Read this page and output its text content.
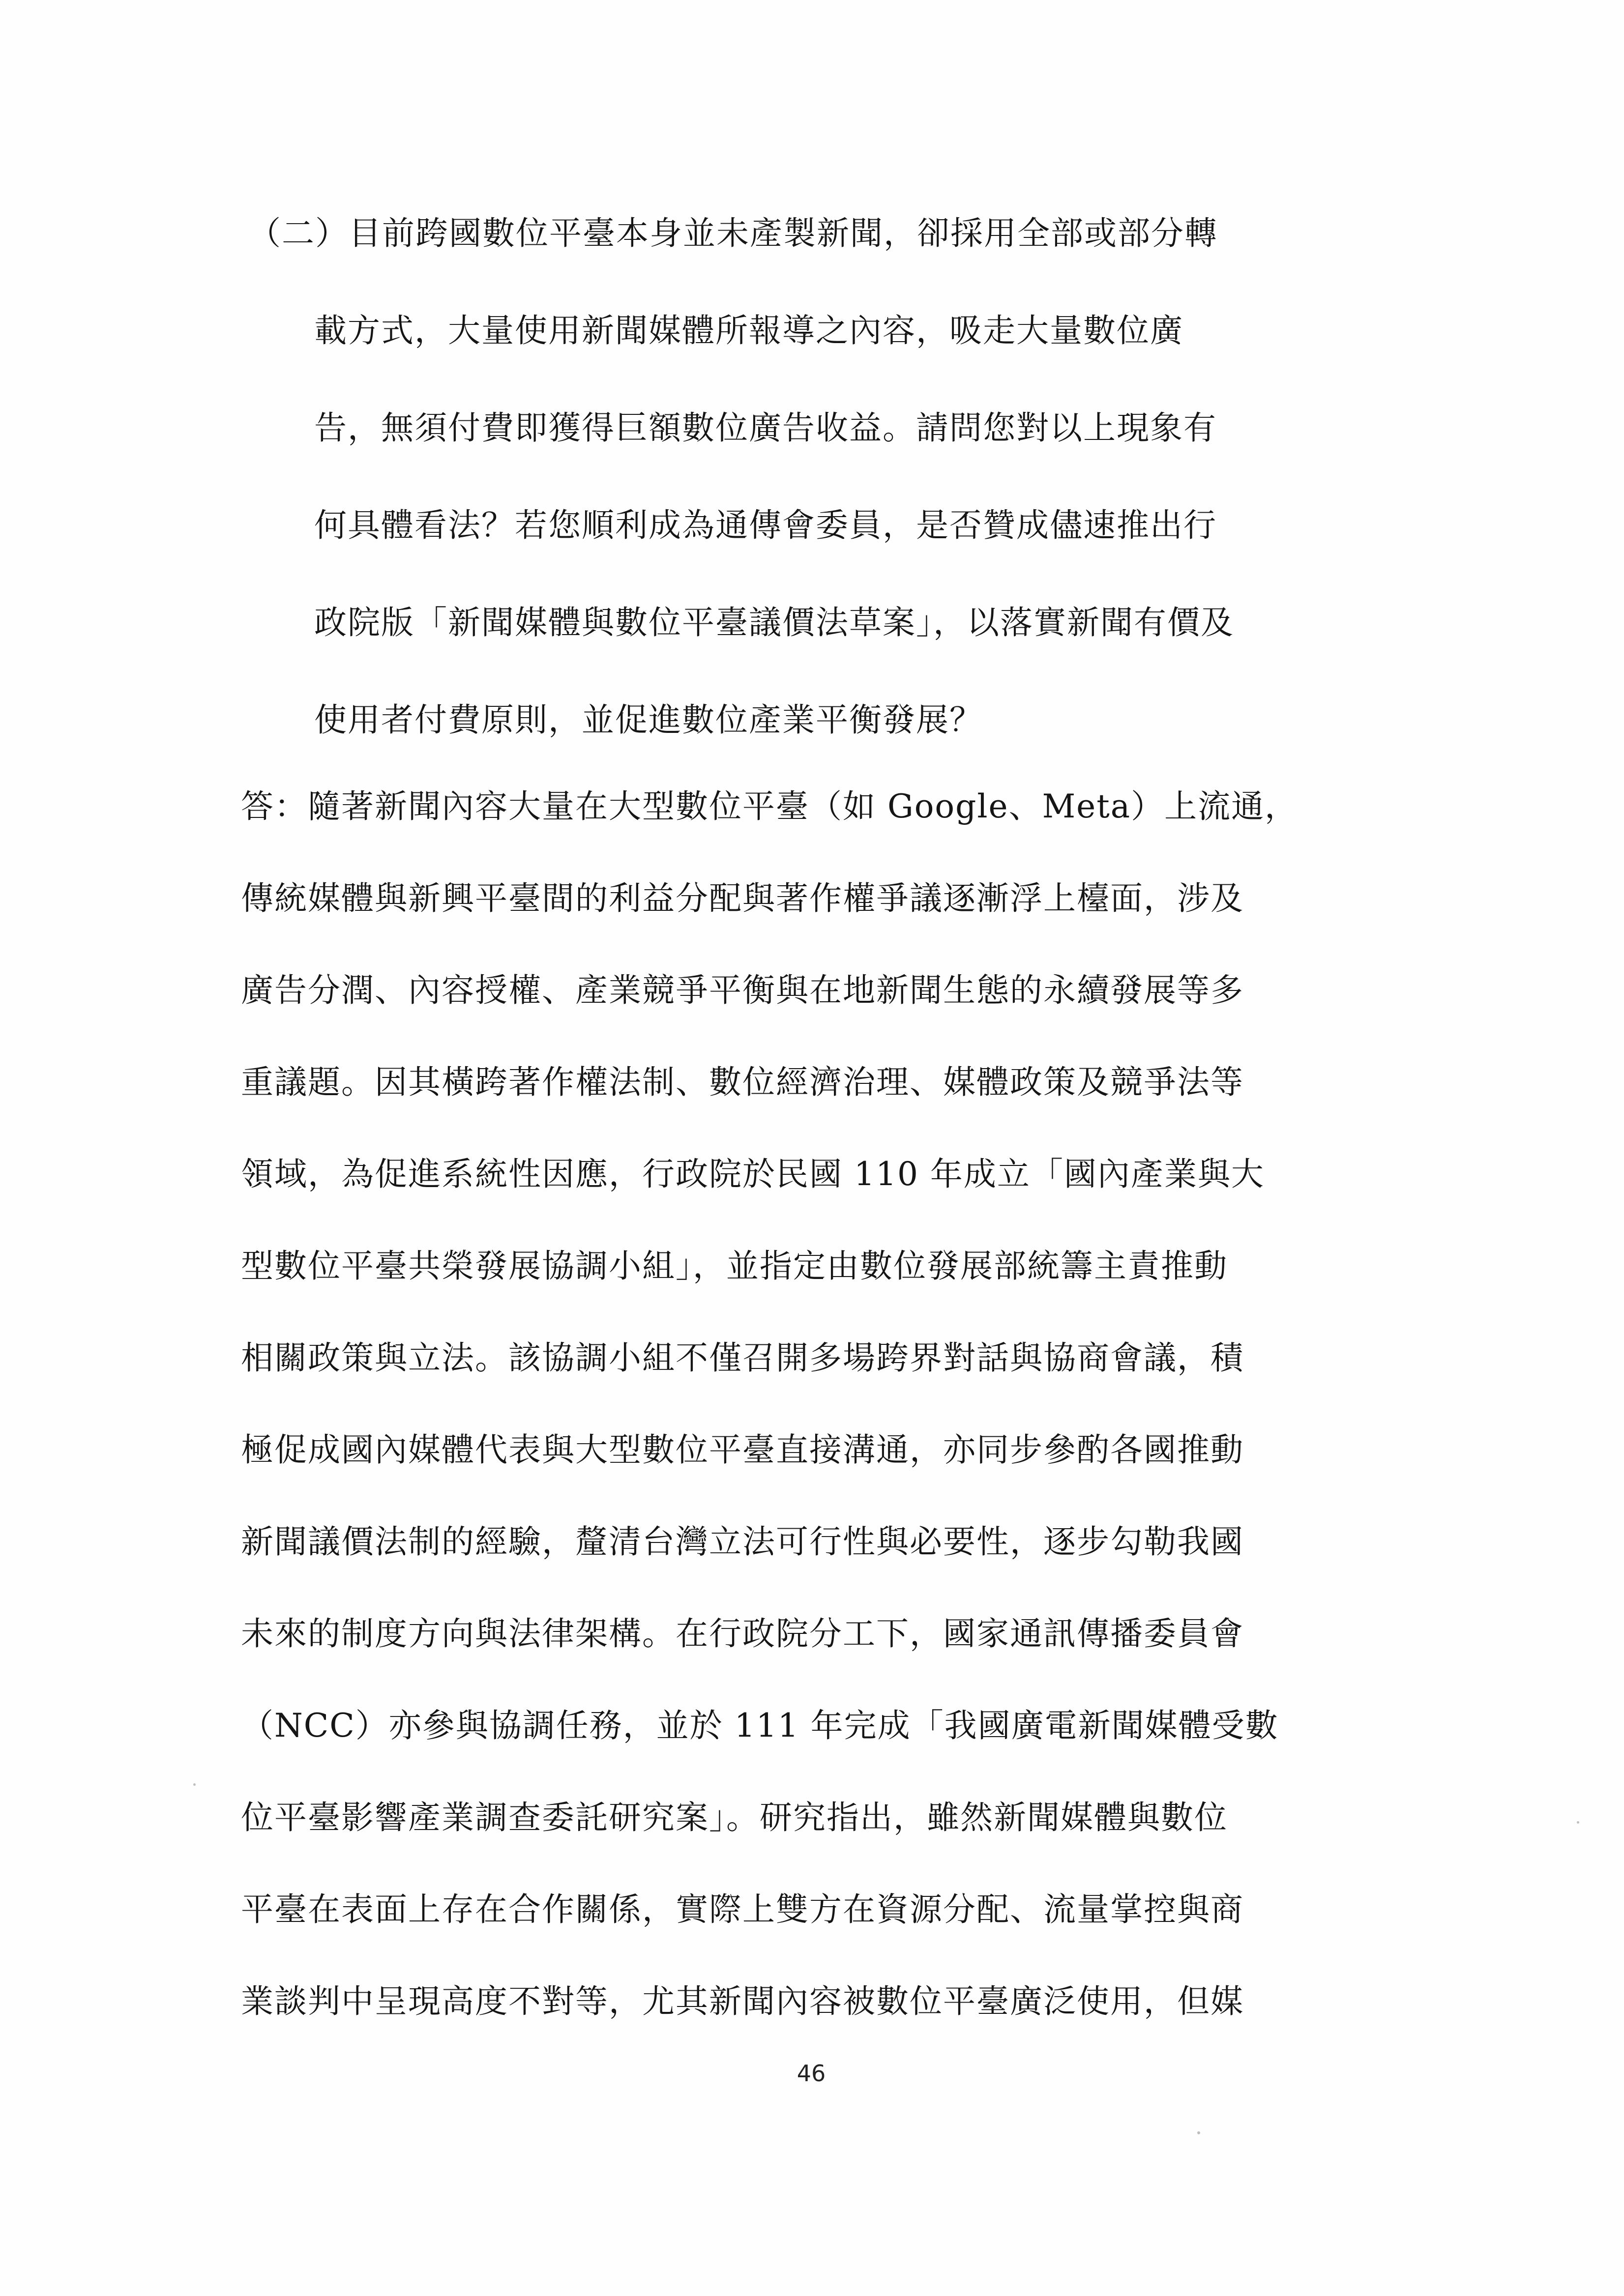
（二）目前跨國數位平臺本身並未產製新聞，卻採用全部或部分轉
載方式，大量使用新聞媒體所報導之內容，吸走大量數位廣
告，無須付費即獲得巨額數位廣告收益。請問您對以上現象有
何具體看法？若您順利成為通傳會委員，是否贊成儘速推出行
政院版「新聞媒體與數位平臺議價法草案」，以落實新聞有價及
使用者付費原則，並促進數位產業平衡發展？
答：隨著新聞內容大量在大型數位平臺（如 Google、Meta）上流通，
傳統媒體與新興平臺間的利益分配與著作權爭議逐漸浮上檯面，涉及
廣告分潤、內容授權、產業競爭平衡與在地新聞生態的永續發展等多
重議題。因其橫跨著作權法制、數位經濟治理、媒體政策及競爭法等
領域，為促進系統性因應，行政院於民國 110 年成立「國內產業與大
型數位平臺共榮發展協調小組」，並指定由數位發展部統籌主責推動
相關政策與立法。該協調小組不僅召開多場跨界對話與協商會議，積
極促成國內媒體代表與大型數位平臺直接溝通，亦同步參酌各國推動
新聞議價法制的經驗，釐清台灣立法可行性與必要性，逐步勾勒我國
未來的制度方向與法律架構。在行政院分工下，國家通訊傳播委員會
（NCC）亦參與協調任務，並於 111 年完成「我國廣電新聞媒體受數
位平臺影響產業調查委託研究案」。研究指出，雖然新聞媒體與數位
平臺在表面上存在合作關係，實際上雙方在資源分配、流量掌控與商
業談判中呈現高度不對等，尤其新聞內容被數位平臺廣泛使用，但媒
46
